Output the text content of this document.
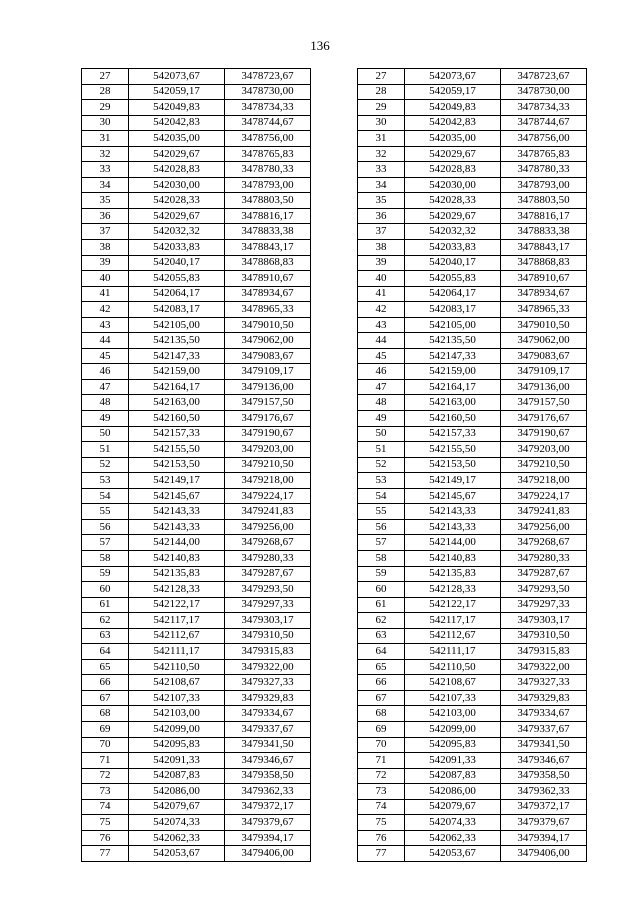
136
27	542073,67	3478723,67
28	542059,17	3478730,00
29	542049,83	3478734,33
30	542042,83	3478744,67
31	542035,00	3478756,00
32	542029,67	3478765,83
33	542028,83	3478780,33
34	542030,00	3478793,00
35	542028,33	3478803,50
36	542029,67	3478816,17
37	542032,32	3478833,38
38	542033,83	3478843,17
39	542040,17	3478868,83
40	542055,83	3478910,67
41	542064,17	3478934,67
42	542083,17	3478965,33
43	542105,00	3479010,50
44	542135,50	3479062,00
45	542147,33	3479083,67
46	542159,00	3479109,17
47	542164,17	3479136,00
48	542163,00	3479157,50
49	542160,50	3479176,67
50	542157,33	3479190,67
51	542155,50	3479203,00
52	542153,50	3479210,50
53	542149,17	3479218,00
54	542145,67	3479224,17
55	542143,33	3479241,83
56	542143,33	3479256,00
57	542144,00	3479268,67
58	542140,83	3479280,33
59	542135,83	3479287,67
60	542128,33	3479293,50
61	542122,17	3479297,33
62	542117,17	3479303,17
63	542112,67	3479310,50
64	542111,17	3479315,83
65	542110,50	3479322,00
66	542108,67	3479327,33
67	542107,33	3479329,83
68	542103,00	3479334,67
69	542099,00	3479337,67
70	542095,83	3479341,50
71	542091,33	3479346,67
72	542087,83	3479358,50
73	542086,00	3479362,33
74	542079,67	3479372,17
75	542074,33	3479379,67
76	542062,33	3479394,17
77	542053,67	3479406,00
27	542073,67	3478723,67
28	542059,17	3478730,00
29	542049,83	3478734,33
30	542042,83	3478744,67
31	542035,00	3478756,00
32	542029,67	3478765,83
33	542028,83	3478780,33
34	542030,00	3478793,00
35	542028,33	3478803,50
36	542029,67	3478816,17
37	542032,32	3478833,38
38	542033,83	3478843,17
39	542040,17	3478868,83
40	542055,83	3478910,67
41	542064,17	3478934,67
42	542083,17	3478965,33
43	542105,00	3479010,50
44	542135,50	3479062,00
45	542147,33	3479083,67
46	542159,00	3479109,17
47	542164,17	3479136,00
48	542163,00	3479157,50
49	542160,50	3479176,67
50	542157,33	3479190,67
51	542155,50	3479203,00
52	542153,50	3479210,50
53	542149,17	3479218,00
54	542145,67	3479224,17
55	542143,33	3479241,83
56	542143,33	3479256,00
57	542144,00	3479268,67
58	542140,83	3479280,33
59	542135,83	3479287,67
60	542128,33	3479293,50
61	542122,17	3479297,33
62	542117,17	3479303,17
63	542112,67	3479310,50
64	542111,17	3479315,83
65	542110,50	3479322,00
66	542108,67	3479327,33
67	542107,33	3479329,83
68	542103,00	3479334,67
69	542099,00	3479337,67
70	542095,83	3479341,50
71	542091,33	3479346,67
72	542087,83	3479358,50
73	542086,00	3479362,33
74	542079,67	3479372,17
75	542074,33	3479379,67
76	542062,33	3479394,17
77	542053,67	3479406,00
